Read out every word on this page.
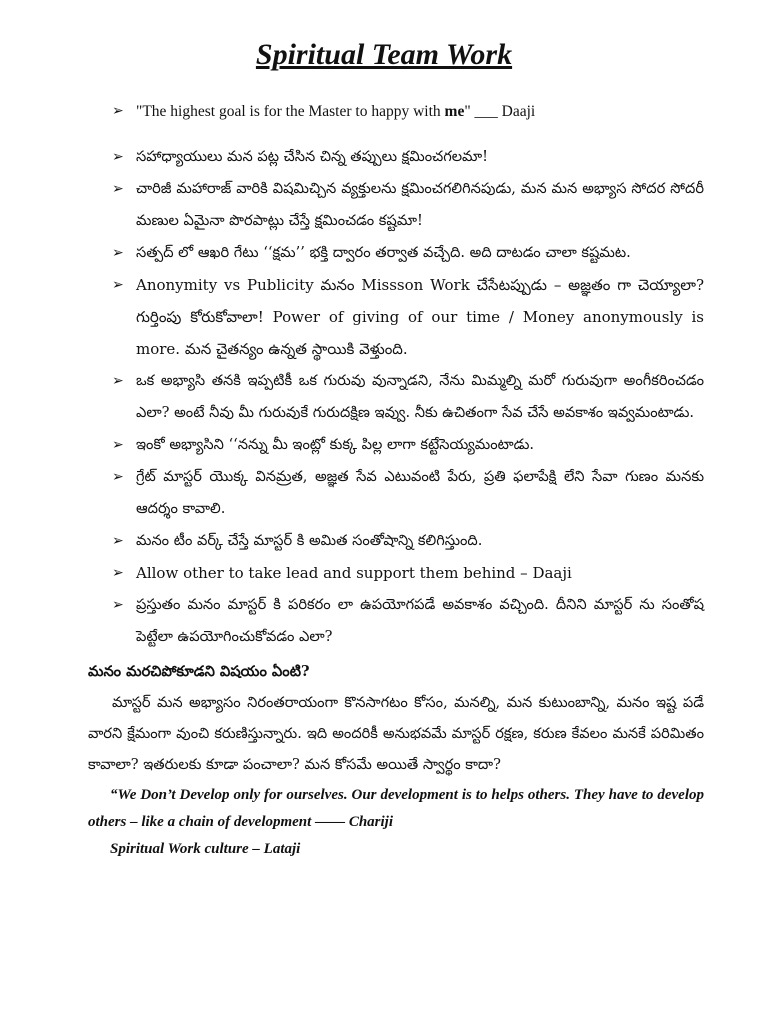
Spiritual Team Work
➢ "The highest goal is for the Master to happy with me" ___ Daaji
➢ సహాధ్యాయులు మన పట్ల చేసిన చిన్న తప్పులు క్షమించగలమా!
➢ చారిజీ మహారాజ్ వారికి విషమిచ్చిన వ్యక్తులను క్షమించగలిగినపుడు, మన మన అభ్యాస సోదర సోదరీ మణుల ఏమైనా పొరపాట్లు చేస్తే క్షమించడం కష్టమా!
➢ సత్పద్ లో ఆఖరి గేటు ‘‘క్షమ’’ భక్తి ద్వారం తర్వాత వచ్చేది. అది దాటడం చాలా కష్టమట.
➢ Anonymity vs Publicity మనం Missson Work చేసేటప్పుడు – అజ్ఞతం గా చెయ్యాలా? గుర్తింపు కోరుకోవాలా! Power of giving of our time / Money anonymously is more. మన చైతన్యం ఉన్నత స్థాయికి వెళ్తుంది.
➢ ఒక అభ్యాసి తనకి ఇప్పటికీ ఒక గురువు వున్నాడని, నేను మిమ్మల్ని మరో గురువుగా అంగీకరించడం ఎలా? అంటే నీవు మీ గురువుకే గురుదక్షిణ ఇవ్వు. నీకు ఉచితంగా సేవ చేసే అవకాశం ఇవ్వమంటాడు.
➢ ఇంకో అభ్యాసిని ‘‘నన్ను మీ ఇంట్లో కుక్క పిల్ల లాగా కట్టేసెయ్యమంటాడు.
➢ గ్రేట్ మాస్టర్ యొక్క వినమ్రత, అజ్ఞత సేవ ఎటువంటి పేరు, ప్రతి ఫలాపేక్షి లేని సేవా గుణం మనకు ఆదర్శం కావాలి.
➢ మనం టీం వర్క్ చేస్తే మాస్టర్ కి అమిత సంతోషాన్ని కలిగిస్తుంది.
➢ Allow other to take lead and support them behind – Daaji
➢ ప్రస్తుతం మనం మాస్టర్ కి పరికరం లా ఉపయోగపడే అవకాశం వచ్చింది. దీనిని మాస్టర్ ను సంతోష పెట్టేలా ఉపయోగించుకోవడం ఎలా?

మనం మరచిపోకూడని విషయం ఏంటి?

మాస్టర్ మన అభ్యాసం నిరంతరాయంగా కొనసాగటం కోసం, మనల్ని, మన కుటుంబాన్ని, మనం ఇష్ట పడే వారని క్షేమంగా వుంచి కరుణిస్తున్నారు. ఇది అందరికీ అనుభవమే మాస్టర్ రక్షణ, కరుణ కేవలం మనకే పరిమితం కావాలా? ఇతరులకు కూడా పంచాలా? మన కోసమే అయితే స్వార్థం కాదా?

“We Don’t Develop only for ourselves. Our development is to helps others. They have to develop others – like a chain of development –––– Chariji

Spiritual Work culture – Lataji
